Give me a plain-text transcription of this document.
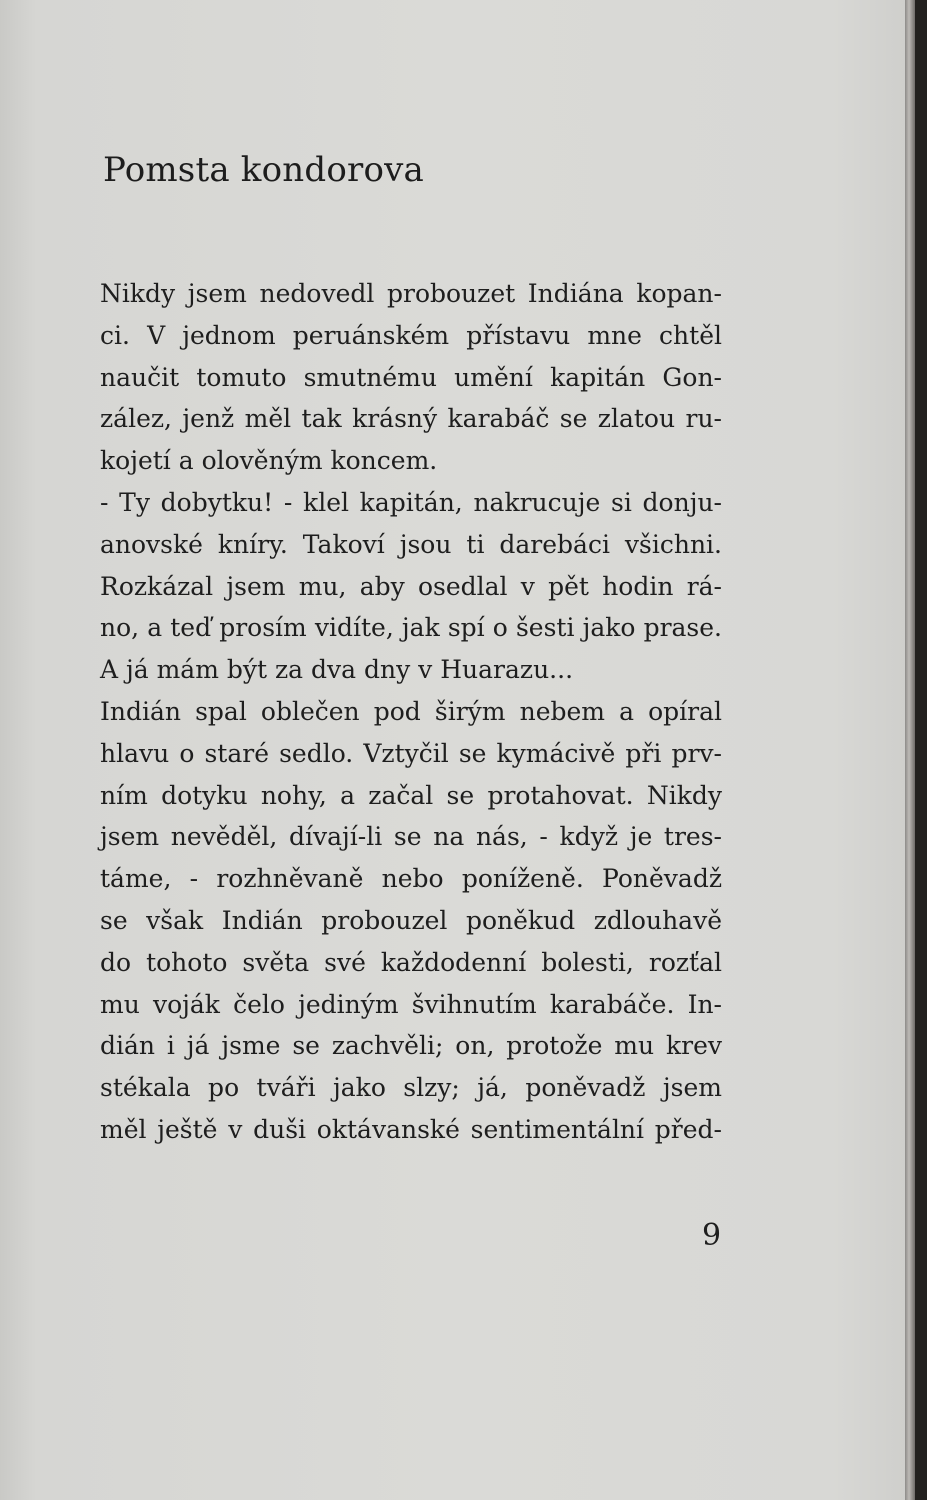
Pomsta kondorova
Nikdy jsem nedovedl probouzet Indiána kopan-
ci. V jednom peruánském přístavu mne chtěl
naučit tomuto smutnému umění kapitán Gon-
zález, jenž měl tak krásný karabáč se zlatou ru-
kojetí a olověným koncem.
- Ty dobytku! - klel kapitán, nakrucuje si donju-
anovské kníry. Takoví jsou ti darebáci všichni.
Rozkázal jsem mu, aby osedlal v pět hodin rá-
no, a teď prosím vidíte, jak spí o šesti jako prase.
A já mám být za dva dny v Huarazu...
Indián spal oblečen pod širým nebem a opíral
hlavu o staré sedlo. Vztyčil se kymácivě při prv-
ním dotyku nohy, a začal se protahovat. Nikdy
jsem nevěděl, dívají-li se na nás, - když je tres-
táme, - rozhněvaně nebo poníženě. Poněvadž
se však Indián probouzel poněkud zdlouhavě
do tohoto světa své každodenní bolesti, rozťal
mu voják čelo jediným švihnutím karabáče. In-
dián i já jsme se zachvěli; on, protože mu krev
stékala po tváři jako slzy; já, poněvadž jsem
měl ještě v duši oktávanské sentimentální před-
9
